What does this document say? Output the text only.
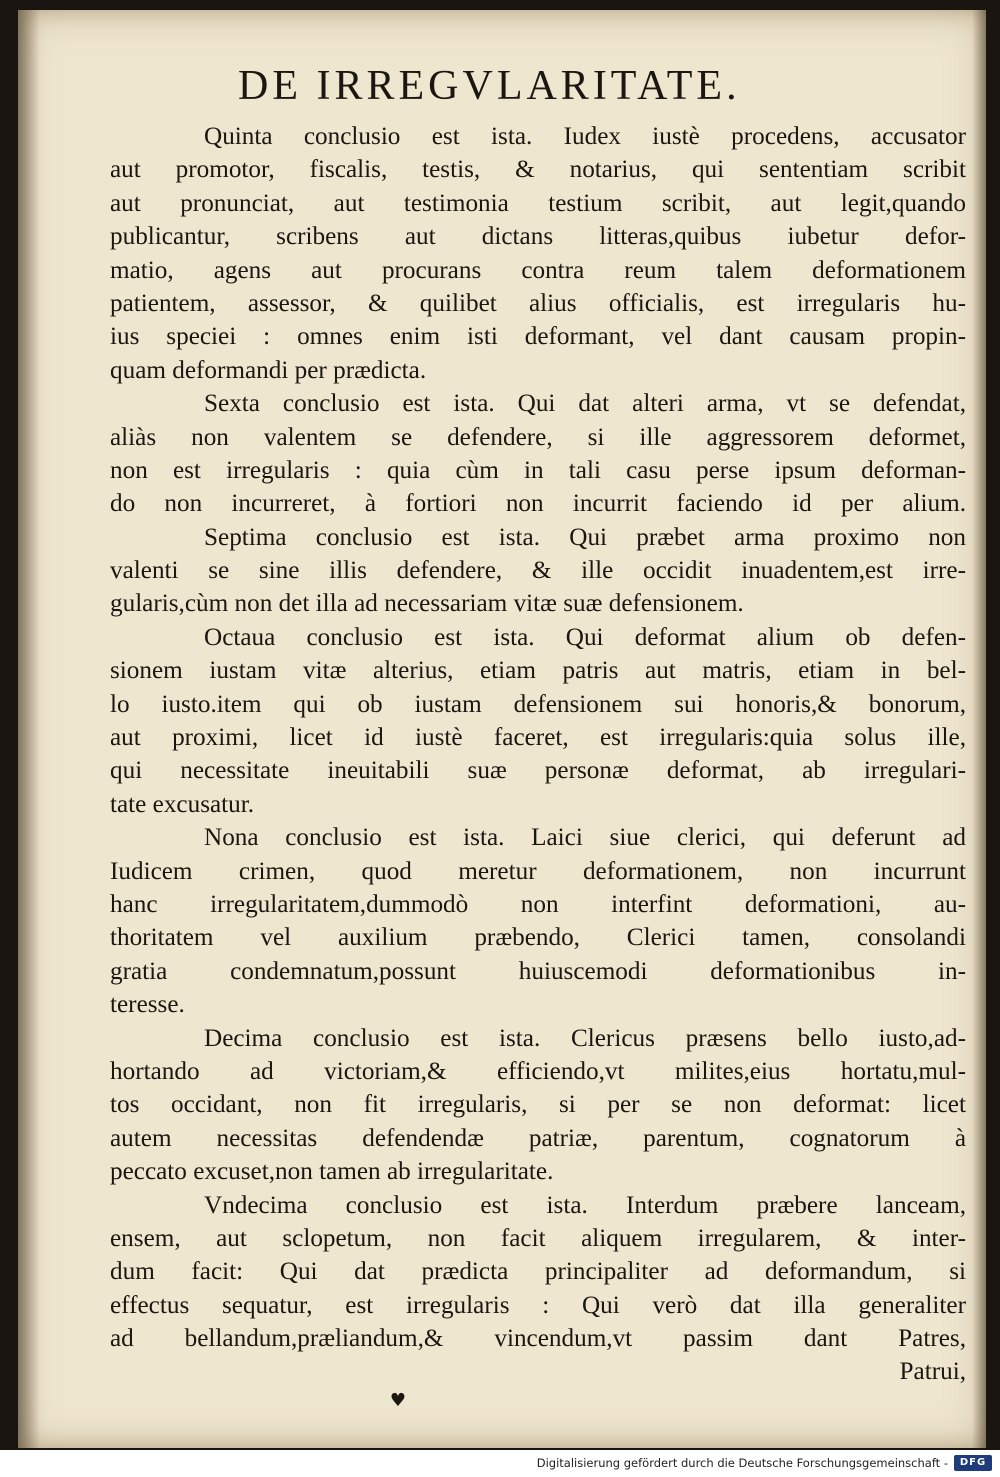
DE IRREGVLARITATE.
Quinta conclusio est ista. Iudex iustè procedens, accusator
aut promotor, fiscalis, testis, & notarius, qui sententiam scribit
aut pronunciat, aut testimonia testium scribit, aut legit,quando
publicantur, scribens aut dictans litteras,quibus iubetur defor-
matio, agens aut procurans contra reum talem deformationem
patientem, assessor, & quilibet alius officialis, est irregularis hu-
ius speciei : omnes enim isti deformant, vel dant causam propin-
quam deformandi per prædicta.
Sexta conclusio est ista. Qui dat alteri arma, vt se defendat,
aliàs non valentem se defendere, si ille aggressorem deformet,
non est irregularis : quia cùm in tali casu perse ipsum deforman-
do non incurreret, à fortiori non incurrit faciendo id per alium.
Septima conclusio est ista. Qui præbet arma proximo non
valenti se sine illis defendere, & ille occidit inuadentem,est irre-
gularis,cùm non det illa ad necessariam vitæ suæ defensionem.
Octaua conclusio est ista. Qui deformat alium ob defen-
sionem iustam vitæ alterius, etiam patris aut matris, etiam in bel-
lo iusto.item qui ob iustam defensionem sui honoris,& bonorum,
aut proximi, licet id iustè faceret, est irregularis:quia solus ille,
qui necessitate ineuitabili suæ personæ deformat, ab irregulari-
tate excusatur.
Nona conclusio est ista. Laici siue clerici, qui deferunt ad
Iudicem crimen, quod meretur deformationem, non incurrunt
hanc irregularitatem,dummodò non interfint deformationi, au-
thoritatem vel auxilium præbendo, Clerici tamen, consolandi
gratia condemnatum,possunt huiuscemodi deformationibus in-
teresse.
Decima conclusio est ista. Clericus præsens bello iusto,ad-
hortando ad victoriam,& efficiendo,vt milites,eius hortatu,mul-
tos occidant, non fit irregularis, si per se non deformat: licet
autem necessitas defendendæ patriæ, parentum, cognatorum à
peccato excuset,non tamen ab irregularitate.
Vndecima conclusio est ista. Interdum præbere lanceam,
ensem, aut sclopetum, non facit aliquem irregularem, & inter-
dum facit: Qui dat prædicta principaliter ad deformandum, si
effectus sequatur, est irregularis : Qui verò dat illa generaliter
ad bellandum,præliandum,& vincendum,vt passim dant Patres,
Patrui,
♥
Digitalisierung gefördert durch die Deutsche Forschungsgemeinschaft -	DFG
